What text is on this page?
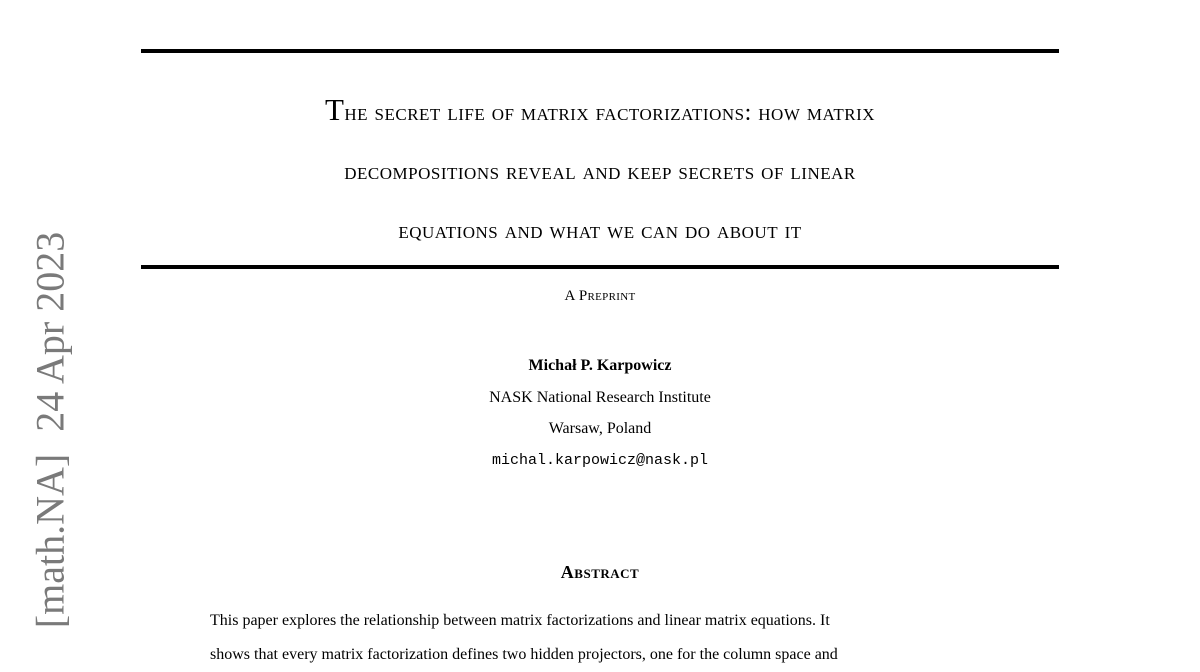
The secret life of matrix factorizations: how matrix
decompositions reveal and keep secrets of linear
equations and what we can do about it
A Preprint
Michał P. Karpowicz
NASK National Research Institute
Warsaw, Poland
michal.karpowicz@nask.pl
Abstract
This paper explores the relationship between matrix factorizations and linear matrix equations. It
shows that every matrix factorization defines two hidden projectors, one for the column space and
[math.NA]24 Apr 2023
